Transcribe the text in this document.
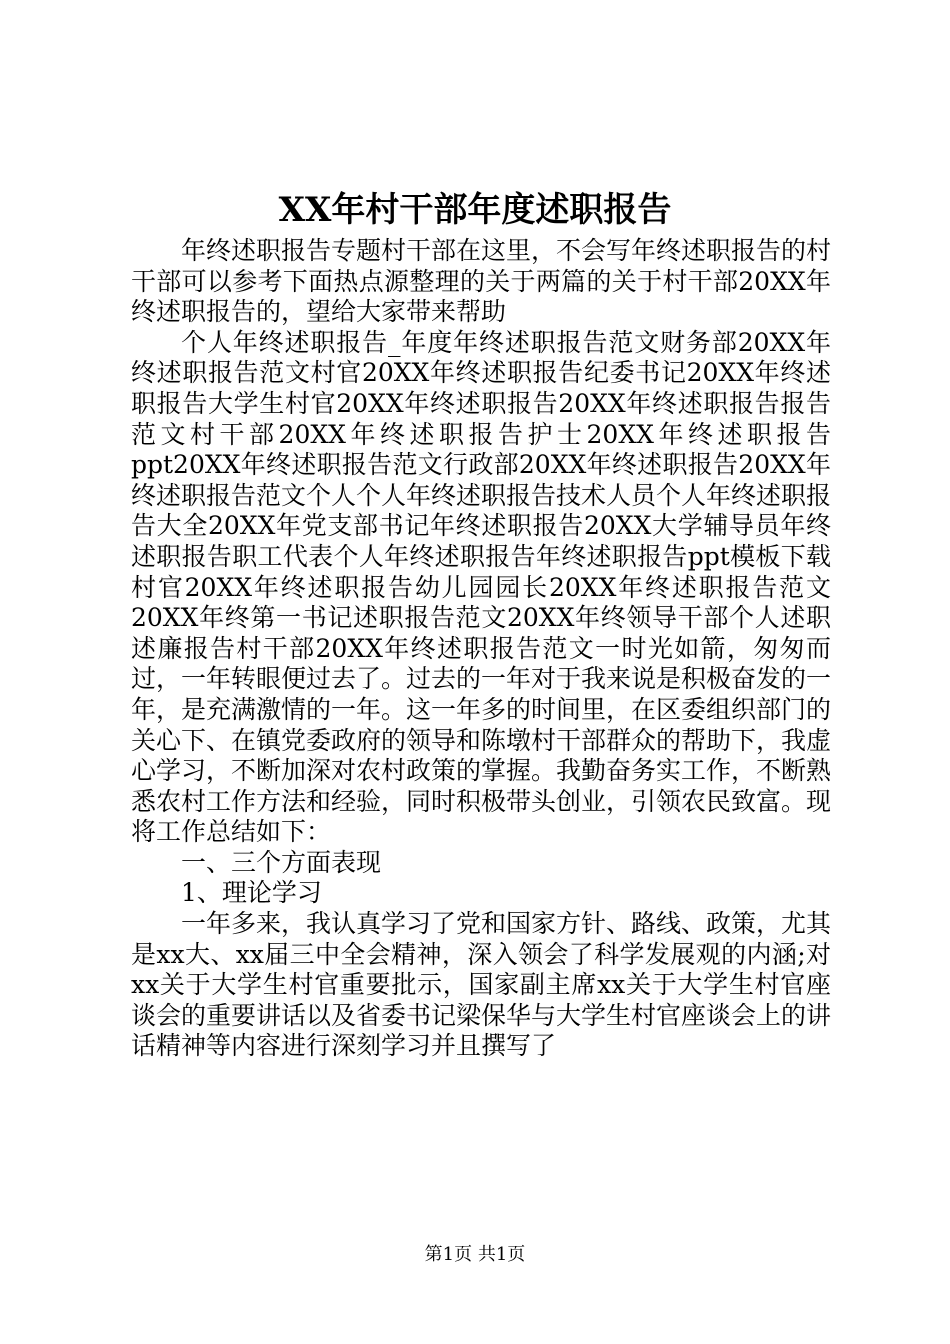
XX年村干部年度述职报告

年终述职报告专题村干部在这里，不会写年终述职报告的村干部可以参考下面热点源整理的关于两篇的关于村干部20XX年终述职报告的，望给大家带来帮助

个人年终述职报告_年度年终述职报告范文财务部20XX年终述职报告范文村官20XX年终述职报告纪委书记20XX年终述职报告大学生村官20XX年终述职报告20XX年终述职报告报告范文村干部20XX年终述职报告护士20XX年终述职报告ppt20XX年终述职报告范文行政部20XX年终述职报告20XX年终述职报告范文个人个人年终述职报告技术人员个人年终述职报告大全20XX年党支部书记年终述职报告20XX大学辅导员年终述职报告职工代表个人年终述职报告年终述职报告ppt模板下载村官20XX年终述职报告幼儿园园长20XX年终述职报告范文20XX年终第一书记述职报告范文20XX年终领导干部个人述职述廉报告村干部20XX年终述职报告范文一时光如箭，匆匆而过，一年转眼便过去了。过去的一年对于我来说是积极奋发的一年，是充满激情的一年。这一年多的时间里，在区委组织部门的关心下、在镇党委政府的领导和陈墩村干部群众的帮助下，我虚心学习，不断加深对农村政策的掌握。我勤奋务实工作，不断熟悉农村工作方法和经验，同时积极带头创业，引领农民致富。现将工作总结如下：

一、三个方面表现

1、理论学习

一年多来，我认真学习了党和国家方针、路线、政策，尤其是xx大、xx届三中全会精神，深入领会了科学发展观的内涵;对xx关于大学生村官重要批示，国家副主席xx关于大学生村官座谈会的重要讲话以及省委书记梁保华与大学生村官座谈会上的讲话精神等内容进行深刻学习并且撰写了

第1页 共1页
